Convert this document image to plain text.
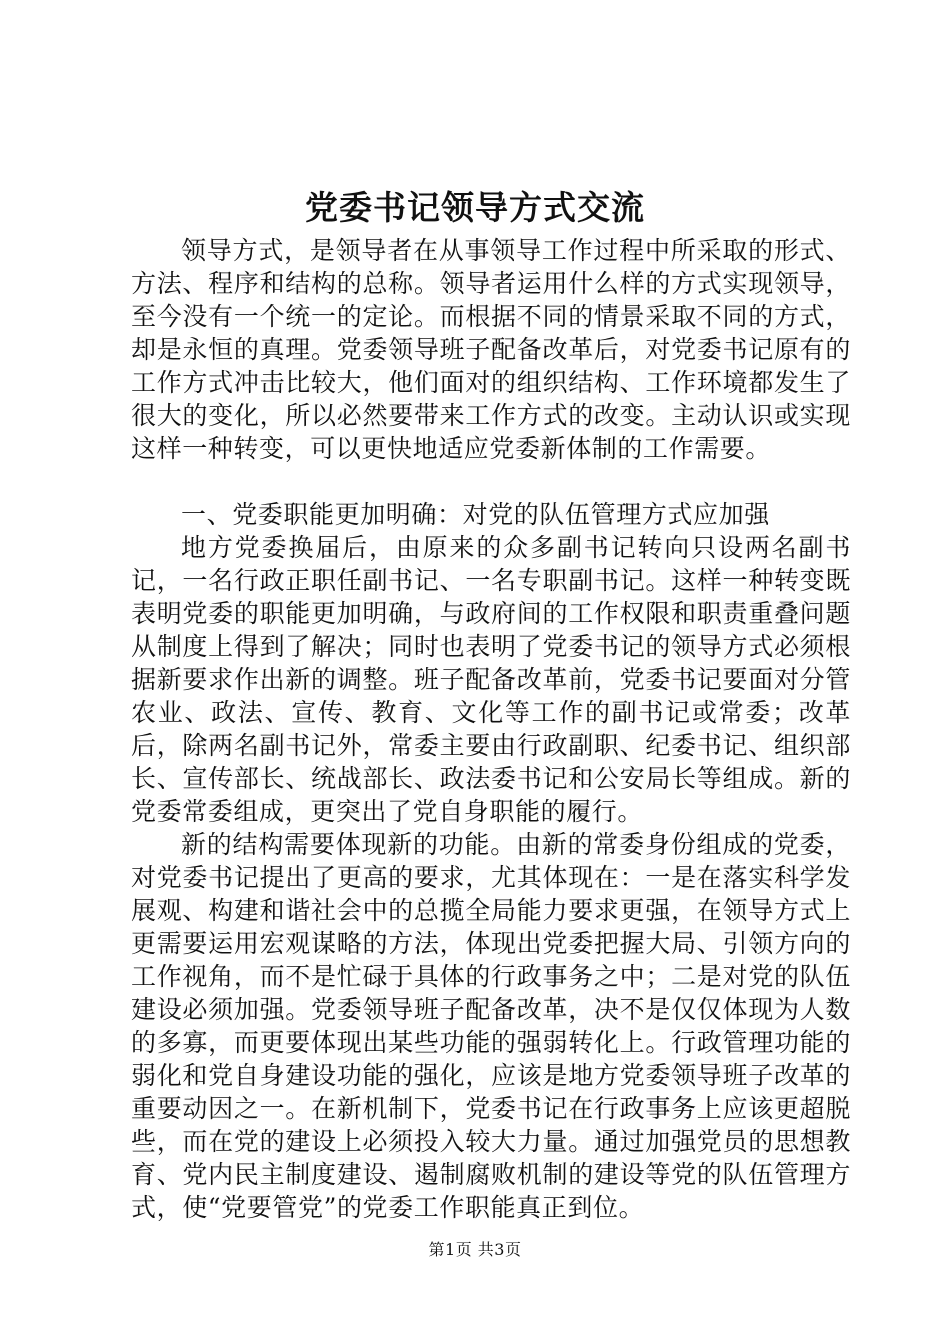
党委书记领导方式交流

领导方式，是领导者在从事领导工作过程中所采取的形式、方法、程序和结构的总称。领导者运用什么样的方式实现领导，至今没有一个统一的定论。而根据不同的情景采取不同的方式，却是永恒的真理。党委领导班子配备改革后，对党委书记原有的工作方式冲击比较大，他们面对的组织结构、工作环境都发生了很大的变化，所以必然要带来工作方式的改变。主动认识或实现这样一种转变，可以更快地适应党委新体制的工作需要。

一、党委职能更加明确：对党的队伍管理方式应加强

地方党委换届后，由原来的众多副书记转向只设两名副书记，一名行政正职任副书记、一名专职副书记。这样一种转变既表明党委的职能更加明确，与政府间的工作权限和职责重叠问题从制度上得到了解决；同时也表明了党委书记的领导方式必须根据新要求作出新的调整。班子配备改革前，党委书记要面对分管农业、政法、宣传、教育、文化等工作的副书记或常委；改革后，除两名副书记外，常委主要由行政副职、纪委书记、组织部长、宣传部长、统战部长、政法委书记和公安局长等组成。新的党委常委组成，更突出了党自身职能的履行。

新的结构需要体现新的功能。由新的常委身份组成的党委，对党委书记提出了更高的要求，尤其体现在：一是在落实科学发展观、构建和谐社会中的总揽全局能力要求更强，在领导方式上更需要运用宏观谋略的方法，体现出党委把握大局、引领方向的工作视角，而不是忙碌于具体的行政事务之中；二是对党的队伍建设必须加强。党委领导班子配备改革，决不是仅仅体现为人数的多寡，而更要体现出某些功能的强弱转化上。行政管理功能的弱化和党自身建设功能的强化，应该是地方党委领导班子改革的重要动因之一。在新机制下，党委书记在行政事务上应该更超脱些，而在党的建设上必须投入较大力量。通过加强党员的思想教育、党内民主制度建设、遏制腐败机制的建设等党的队伍管理方式，使“党要管党”的党委工作职能真正到位。

第1页 共3页
